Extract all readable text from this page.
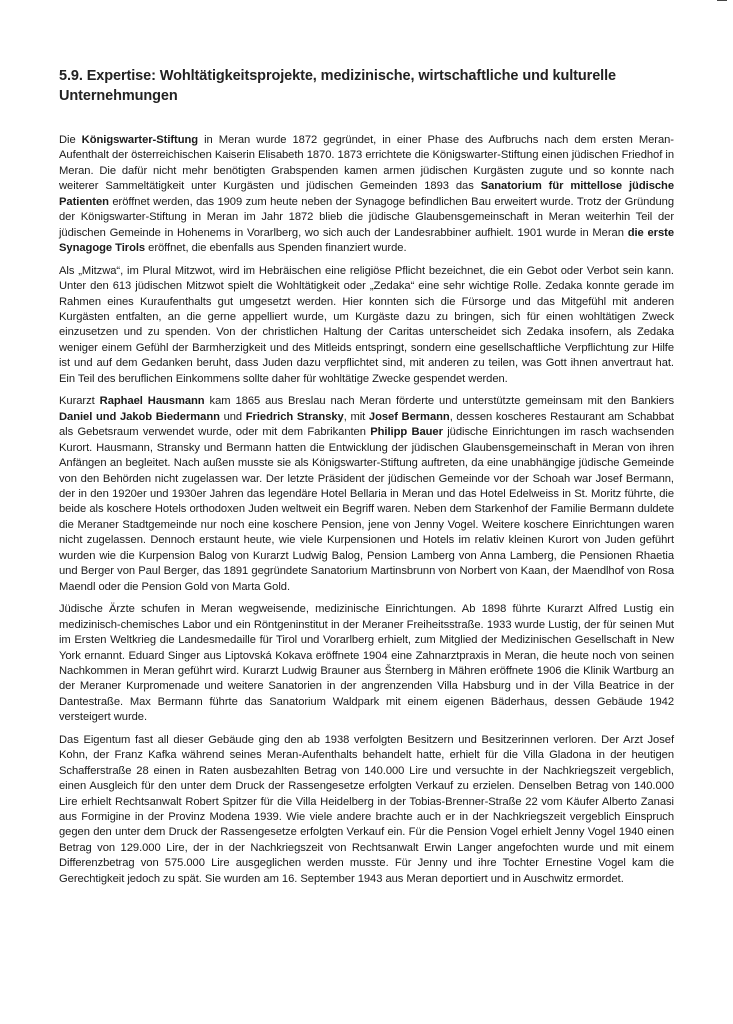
5.9. Expertise: Wohltätigkeitsprojekte, medizinische, wirtschaftliche und kulturelle Unternehmungen

Die Königswarter-Stiftung in Meran wurde 1872 gegründet, in einer Phase des Aufbruchs nach dem ersten Meran-Aufenthalt der österreichischen Kaiserin Elisabeth 1870. 1873 errichtete die Königswarter-Stiftung einen jüdischen Friedhof in Meran. Die dafür nicht mehr benötigten Grabspenden kamen armen jüdischen Kurgästen zugute und so konnte nach weiterer Sammeltätigkeit unter Kurgästen und jüdischen Gemeinden 1893 das Sanatorium für mittellose jüdische Patienten eröffnet werden, das 1909 zum heute neben der Synagoge befindlichen Bau erweitert wurde. Trotz der Gründung der Königswarter-Stiftung in Meran im Jahr 1872 blieb die jüdische Glaubensgemeinschaft in Meran weiterhin Teil der jüdischen Gemeinde in Hohenems in Vorarlberg, wo sich auch der Landesrabbiner aufhielt. 1901 wurde in Meran die erste Synagoge Tirols eröffnet, die ebenfalls aus Spenden finanziert wurde.

Als „Mitzwa“, im Plural Mitzwot, wird im Hebräischen eine religiöse Pflicht bezeichnet, die ein Gebot oder Verbot sein kann. Unter den 613 jüdischen Mitzwot spielt die Wohltätigkeit oder „Zedaka“ eine sehr wichtige Rolle. Zedaka konnte gerade im Rahmen eines Kuraufenthalts gut umgesetzt werden. Hier konnten sich die Fürsorge und das Mitgefühl mit anderen Kurgästen entfalten, an die gerne appelliert wurde, um Kurgäste dazu zu bringen, sich für einen wohltätigen Zweck einzusetzen und zu spenden. Von der christlichen Haltung der Caritas unterscheidet sich Zedaka insofern, als Zedaka weniger einem Gefühl der Barmherzigkeit und des Mitleids entspringt, sondern eine gesellschaftliche Verpflichtung zur Hilfe ist und auf dem Gedanken beruht, dass Juden dazu verpflichtet sind, mit anderen zu teilen, was Gott ihnen anvertraut hat. Ein Teil des beruflichen Einkommens sollte daher für wohltätige Zwecke gespendet werden.

Kurarzt Raphael Hausmann kam 1865 aus Breslau nach Meran förderte und unterstützte gemeinsam mit den Bankiers Daniel und Jakob Biedermann und Friedrich Stransky, mit Josef Bermann, dessen koscheres Restaurant am Schabbat als Gebetsraum verwendet wurde, oder mit dem Fabrikanten Philipp Bauer jüdische Einrichtungen im rasch wachsenden Kurort. Hausmann, Stransky und Bermann hatten die Entwicklung der jüdischen Glaubensgemeinschaft in Meran von ihren Anfängen an begleitet. Nach außen musste sie als Königswarter-Stiftung auftreten, da eine unabhängige jüdische Gemeinde von den Behörden nicht zugelassen war. Der letzte Präsident der jüdischen Gemeinde vor der Schoah war Josef Bermann, der in den 1920er und 1930er Jahren das legendäre Hotel Bellaria in Meran und das Hotel Edelweiss in St. Moritz führte, die beide als koschere Hotels orthodoxen Juden weltweit ein Begriff waren. Neben dem Starkenhof der Familie Bermann duldete die Meraner Stadtgemeinde nur noch eine koschere Pension, jene von Jenny Vogel. Weitere koschere Einrichtungen waren nicht zugelassen. Dennoch erstaunt heute, wie viele Kurpensionen und Hotels im relativ kleinen Kurort von Juden geführt wurden wie die Kurpension Balog von Kurarzt Ludwig Balog, Pension Lamberg von Anna Lamberg, die Pensionen Rhaetia und Berger von Paul Berger, das 1891 gegründete Sanatorium Martinsbrunn von Norbert von Kaan, der Maendlhof von Rosa Maendl oder die Pension Gold von Marta Gold.

Jüdische Ärzte schufen in Meran wegweisende, medizinische Einrichtungen. Ab 1898 führte Kurarzt Alfred Lustig ein medizinisch-chemisches Labor und ein Röntgeninstitut in der Meraner Freiheitsstraße. 1933 wurde Lustig, der für seinen Mut im Ersten Weltkrieg die Landesmedaille für Tirol und Vorarlberg erhielt, zum Mitglied der Medizinischen Gesellschaft in New York ernannt. Eduard Singer aus Liptovská Kokava eröffnete 1904 eine Zahnarztpraxis in Meran, die heute noch von seinen Nachkommen in Meran geführt wird. Kurarzt Ludwig Brauner aus Šternberg in Mähren eröffnete 1906 die Klinik Wartburg an der Meraner Kurpromenade und weitere Sanatorien in der angrenzenden Villa Habsburg und in der Villa Beatrice in der Dantestraße. Max Bermann führte das Sanatorium Waldpark mit einem eigenen Bäderhaus, dessen Gebäude 1942 versteigert wurde.

Das Eigentum fast all dieser Gebäude ging den ab 1938 verfolgten Besitzern und Besitzerinnen verloren. Der Arzt Josef Kohn, der Franz Kafka während seines Meran-Aufenthalts behandelt hatte, erhielt für die Villa Gladona in der heutigen Schafferstraße 28 einen in Raten ausbezahlten Betrag von 140.000 Lire und versuchte in der Nachkriegszeit vergeblich, einen Ausgleich für den unter dem Druck der Rassengesetze erfolgten Verkauf zu erzielen. Denselben Betrag von 140.000 Lire erhielt Rechtsanwalt Robert Spitzer für die Villa Heidelberg in der Tobias-Brenner-Straße 22 vom Käufer Alberto Zanasi aus Formigine in der Provinz Modena 1939. Wie viele andere brachte auch er in der Nachkriegszeit vergeblich Einspruch gegen den unter dem Druck der Rassengesetze erfolgten Verkauf ein. Für die Pension Vogel erhielt Jenny Vogel 1940 einen Betrag von 129.000 Lire, der in der Nachkriegszeit von Rechtsanwalt Erwin Langer angefochten wurde und mit einem Differenzbetrag von 575.000 Lire ausgeglichen werden musste. Für Jenny und ihre Tochter Ernestine Vogel kam die Gerechtigkeit jedoch zu spät. Sie wurden am 16. September 1943 aus Meran deportiert und in Auschwitz ermordet.
